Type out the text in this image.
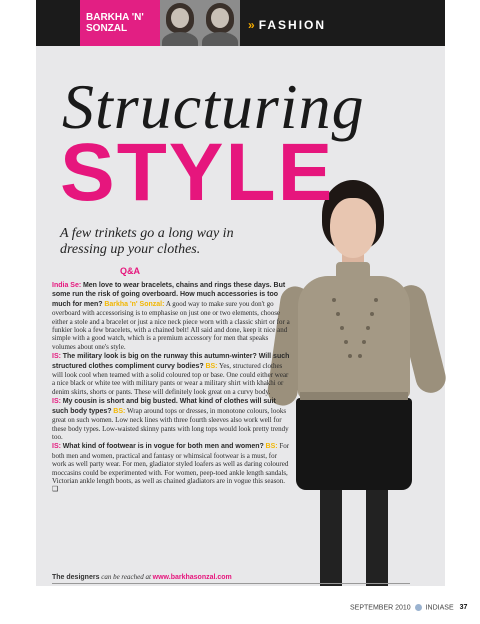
BARKHA 'N'
SONZAL	» FASHION
Structuring
STYLE
A few trinkets go a long way in dressing up your clothes.
Q&A
India Se: Men love to wear bracelets, chains and rings these days. But some run the risk of going overboard. How much accessories is too much for men? Barkha 'n' Sonzal: A good way to make sure you don't go overboard with accessorising is to emphasise on just one or two elements, choose either a stole and a bracelet or just a nice neck piece worn with a classic shirt or for a funkier look a few bracelets, with a chained belt! All said and done, keep it nice and simple with a good watch, which is a premium accessory for men that speaks volumes about one's style.
IS: The military look is big on the runway this autumn-winter? Will such structured clothes compliment curvy bodies? BS: Yes, structured clothes will look cool when teamed with a solid coloured top or base. One could either wear a nice black or white tee with military pants or wear a military shirt with khakhi or denim skirts, shorts or pants. These will definitely look great on a curvy body.
IS: My cousin is short and big busted. What kind of clothes will suit such body types? BS: Wrap around tops or dresses, in monotone colours, looks great on such women. Low neck lines with three fourth sleeves also work well for these body types. Low-waisted skinny pants with long tops would look pretty trendy too.
IS: What kind of footwear is in vogue for both men and women? BS: For both men and women, practical and fantasy or whimsical footwear is a must, for work as well party wear. For men, gladiator styled loafers as well as daring coloured moccasins could be experimented with. For women, peep-toed ankle length sandals, Victorian ankle length boots, as well as chained gladiators are in vogue this season. ❑
The designers can be reached at www.barkhasonzal.com
SEPTEMBER 2010 INDIASE 37
